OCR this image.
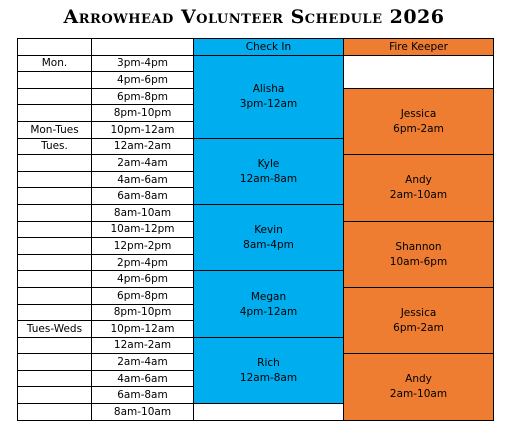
Arrowhead Volunteer Schedule 2026
		Check In	Fire Keeper
Mon.	3pm-4pm	Alisha
3pm-12am	

	4pm-6pm		
	6pm-8pm		Jessica
6pm-2am

	8pm-10pm		
Mon-Tues	10pm-12am		
Tues.	12am-2am	Kyle
12am-8am	

	2am-4am		Andy
2am-10am

	4am-6am		
	6am-8am		
	8am-10am	Kevin
8am-4pm	

	10am-12pm		Shannon
10am-6pm

	12pm-2pm		
	2pm-4pm		
	4pm-6pm	Megan
4pm-12am	

	6pm-8pm		Jessica
6pm-2am

	8pm-10pm		
Tues-Weds	10pm-12am		
	12am-2am	Rich
12am-8am	

	2am-4am		Andy
2am-10am

	4am-6am		
	6am-8am		
	8am-10am		
